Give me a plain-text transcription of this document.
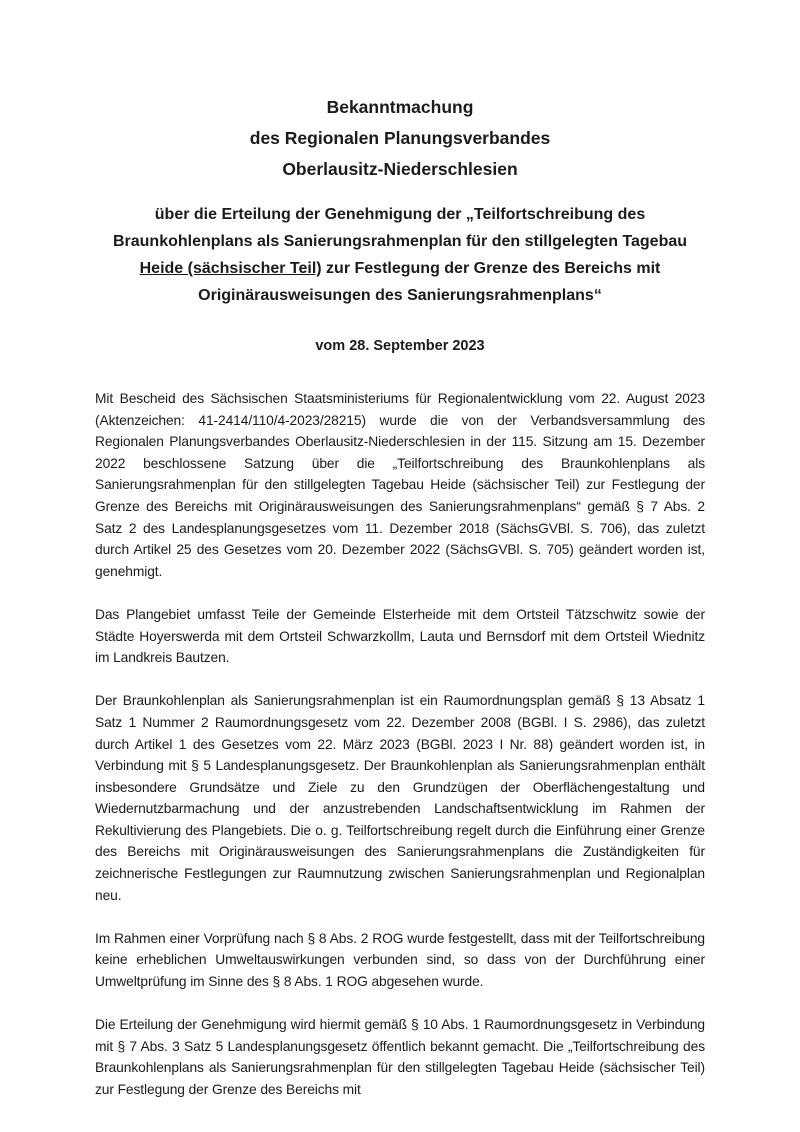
Bekanntmachung
des Regionalen Planungsverbandes
Oberlausitz-Niederschlesien

über die Erteilung der Genehmigung der „Teilfortschreibung des Braunkohlenplans als Sanierungsrahmenplan für den stillgelegten Tagebau Heide (sächsischer Teil) zur Festlegung der Grenze des Bereichs mit Originärausweisungen des Sanierungsrahmenplans“

vom 28. September 2023

Mit Bescheid des Sächsischen Staatsministeriums für Regionalentwicklung vom 22. August 2023 (Aktenzeichen: 41-2414/110/4-2023/28215) wurde die von der Verbandsversammlung des Regionalen Planungsverbandes Oberlausitz-Niederschlesien in der 115. Sitzung am 15. Dezember 2022 beschlossene Satzung über die „Teilfortschreibung des Braunkohlenplans als Sanierungsrahmenplan für den stillgelegten Tagebau Heide (sächsischer Teil) zur Festlegung der Grenze des Bereichs mit Originärausweisungen des Sanierungsrahmenplans“ gemäß § 7 Abs. 2 Satz 2 des Landesplanungsgesetzes vom 11. Dezember 2018 (SächsGVBl. S. 706), das zuletzt durch Artikel 25 des Gesetzes vom 20. Dezember 2022 (SächsGVBl. S. 705) geändert worden ist, genehmigt.

Das Plangebiet umfasst Teile der Gemeinde Elsterheide mit dem Ortsteil Tätzschwitz sowie der Städte Hoyerswerda mit dem Ortsteil Schwarzkollm, Lauta und Bernsdorf mit dem Ortsteil Wiednitz im Landkreis Bautzen.

Der Braunkohlenplan als Sanierungsrahmenplan ist ein Raumordnungsplan gemäß § 13 Absatz 1 Satz 1 Nummer 2 Raumordnungsgesetz vom 22. Dezember 2008 (BGBl. I S. 2986), das zuletzt durch Artikel 1 des Gesetzes vom 22. März 2023 (BGBl. 2023 I Nr. 88) geändert worden ist, in Verbindung mit § 5 Landesplanungsgesetz. Der Braunkohlenplan als Sanierungsrahmenplan enthält insbesondere Grundsätze und Ziele zu den Grundzügen der Oberflächengestaltung und Wiedernutzbarmachung und der anzustrebenden Landschaftsentwicklung im Rahmen der Rekultivierung des Plangebiets. Die o. g. Teilfortschreibung regelt durch die Einführung einer Grenze des Bereichs mit Originärausweisungen des Sanierungsrahmenplans die Zuständigkeiten für zeichnerische Festlegungen zur Raumnutzung zwischen Sanierungsrahmenplan und Regionalplan neu.

Im Rahmen einer Vorprüfung nach § 8 Abs. 2 ROG wurde festgestellt, dass mit der Teilfortschreibung keine erheblichen Umweltauswirkungen verbunden sind, so dass von der Durchführung einer Umweltprüfung im Sinne des § 8 Abs. 1 ROG abgesehen wurde.

Die Erteilung der Genehmigung wird hiermit gemäß § 10 Abs. 1 Raumordnungsgesetz in Verbindung mit § 7 Abs. 3 Satz 5 Landesplanungsgesetz öffentlich bekannt gemacht. Die „Teilfortschreibung des Braunkohlenplans als Sanierungsrahmenplan für den stillgelegten Tagebau Heide (sächsischer Teil) zur Festlegung der Grenze des Bereichs mit
